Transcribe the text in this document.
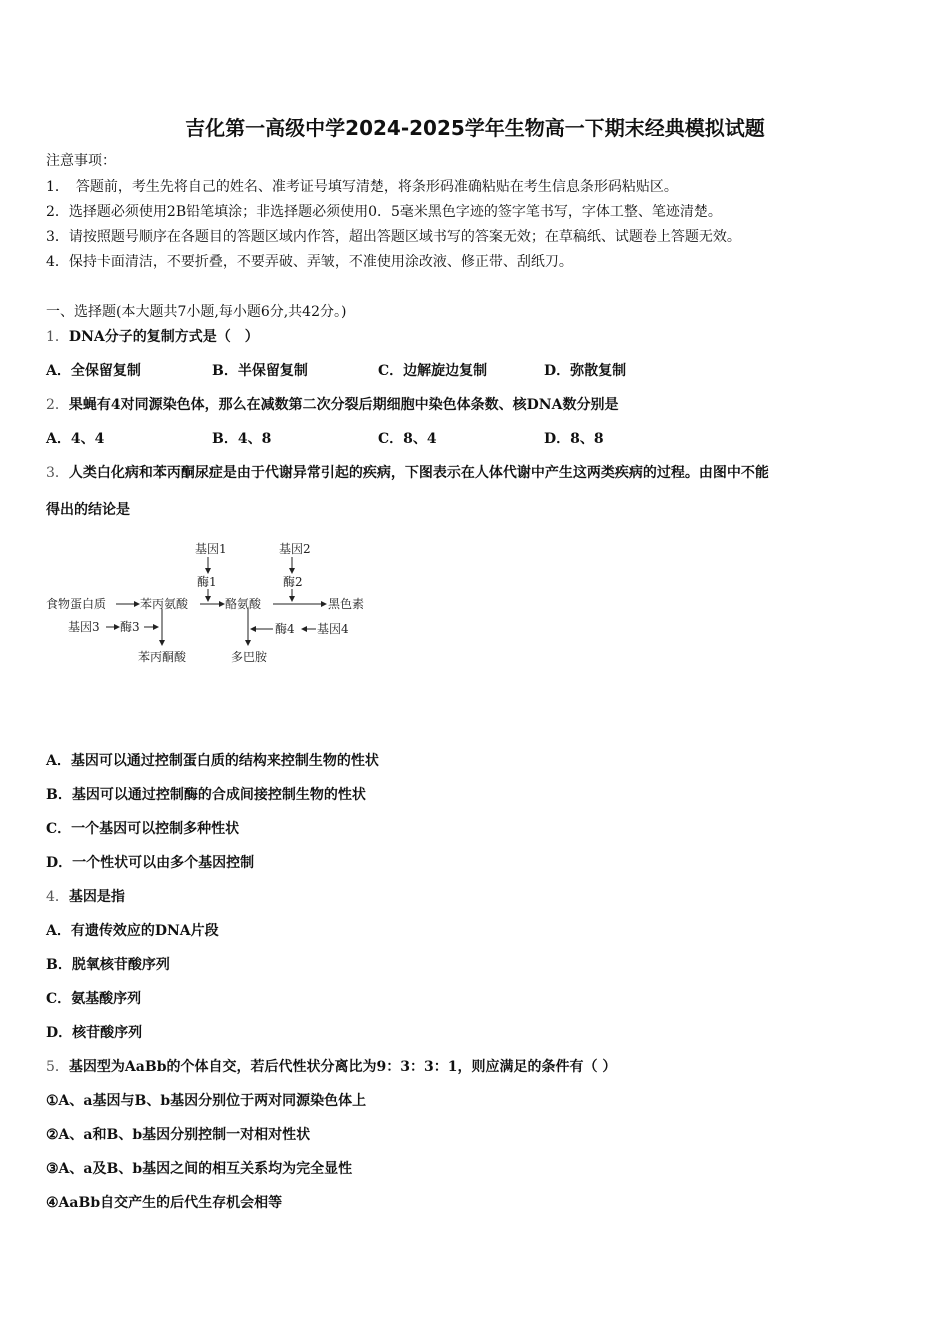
吉化第一高级中学2024-2025学年生物高一下期末经典模拟试题
注意事项：
1．　答题前，考生先将自己的姓名、准考证号填写清楚，将条形码准确粘贴在考生信息条形码粘贴区。
2．选择题必须使用2B铅笔填涂；非选择题必须使用0．5毫米黑色字迹的签字笔书写，字体工整、笔迹清楚。
3．请按照题号顺序在各题目的答题区域内作答，超出答题区域书写的答案无效；在草稿纸、试题卷上答题无效。
4．保持卡面清洁，不要折叠，不要弄破、弄皱，不准使用涂改液、修正带、刮纸刀。
一、选择题(本大题共7小题,每小题6分,共42分。)
1．DNA分子的复制方式是（　）
A．全保留复制	B．半保留复制	C．边解旋边复制	D．弥散复制
2．果蝇有4对同源染色体，那么在减数第二次分裂后期细胞中染色体条数、核DNA数分别是
A．4、4	B．4、8	C．8、4	D．8、8
3．人类白化病和苯丙酮尿症是由于代谢异常引起的疾病，下图表示在人体代谢中产生这两类疾病的过程。由图中不能
得出的结论是
基因1
酶1
基因2
酶2
食物蛋白质	苯丙氨酸	酪氨酸	黑色素
基因3 酶3	酶4 基因4
苯丙酮酸	多巴胺
A．基因可以通过控制蛋白质的结构来控制生物的性状
B．基因可以通过控制酶的合成间接控制生物的性状
C．一个基因可以控制多种性状
D．一个性状可以由多个基因控制
4．基因是指
A．有遗传效应的DNA片段
B．脱氧核苷酸序列
C．氨基酸序列
D．核苷酸序列
5．基因型为AaBb的个体自交，若后代性状分离比为9：3：3：1，则应满足的条件有（ ）
①A、a基因与B、b基因分别位于两对同源染色体上
②A、a和B、b基因分别控制一对相对性状
③A、a及B、b基因之间的相互关系均为完全显性
④AaBb自交产生的后代生存机会相等
